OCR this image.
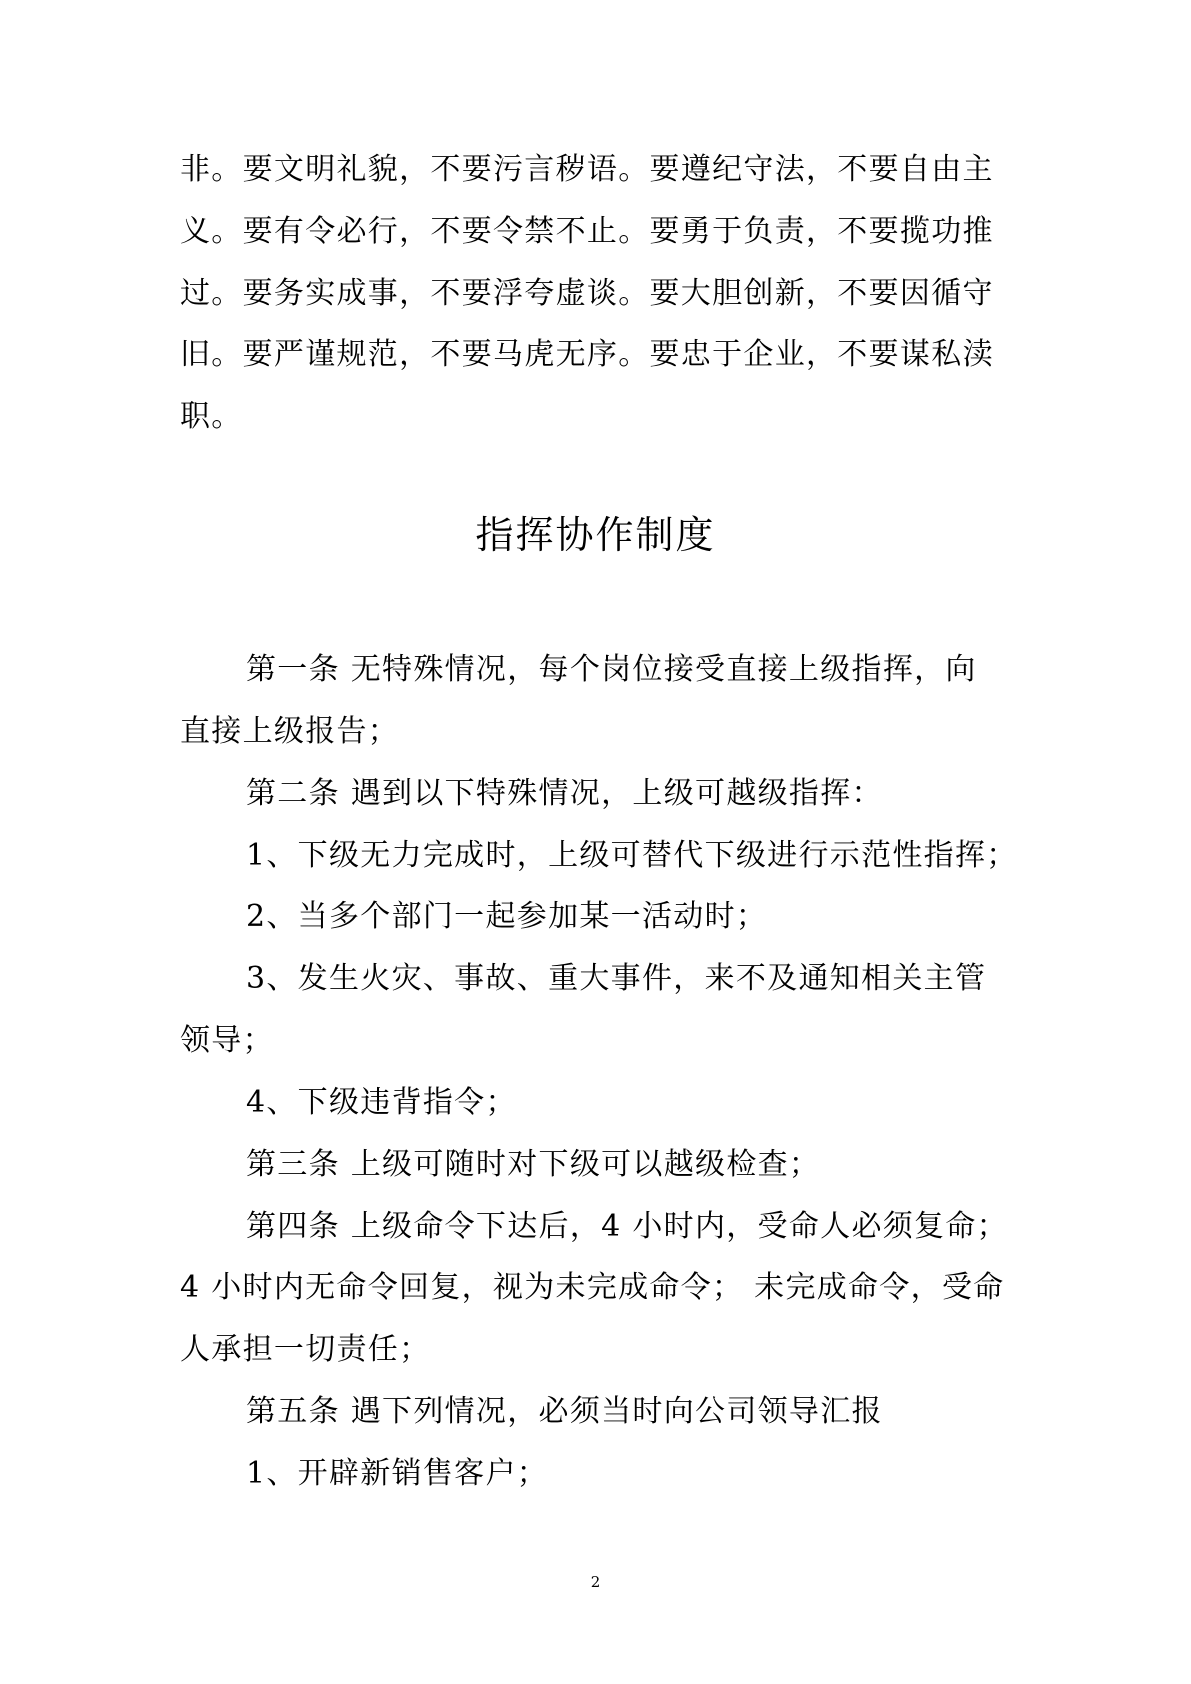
非。要文明礼貌，不要污言秽语。要遵纪守法，不要自由主
义。要有令必行，不要令禁不止。要勇于负责，不要揽功推
过。要务实成事，不要浮夸虚谈。要大胆创新，不要因循守
旧。要严谨规范，不要马虎无序。要忠于企业，不要谋私渎
职。
指挥协作制度
第一条 无特殊情况，每个岗位接受直接上级指挥，向
直接上级报告；
第二条 遇到以下特殊情况，上级可越级指挥：
1、下级无力完成时，上级可替代下级进行示范性指挥；
2、当多个部门一起参加某一活动时；
3、发生火灾、事故、重大事件，来不及通知相关主管
领导；
4、下级违背指令；
第三条 上级可随时对下级可以越级检查；
第四条 上级命令下达后，4 小时内，受命人必须复命；
4 小时内无命令回复，视为未完成命令； 未完成命令，受命
人承担一切责任；
第五条 遇下列情况，必须当时向公司领导汇报
1、开辟新销售客户；
2
